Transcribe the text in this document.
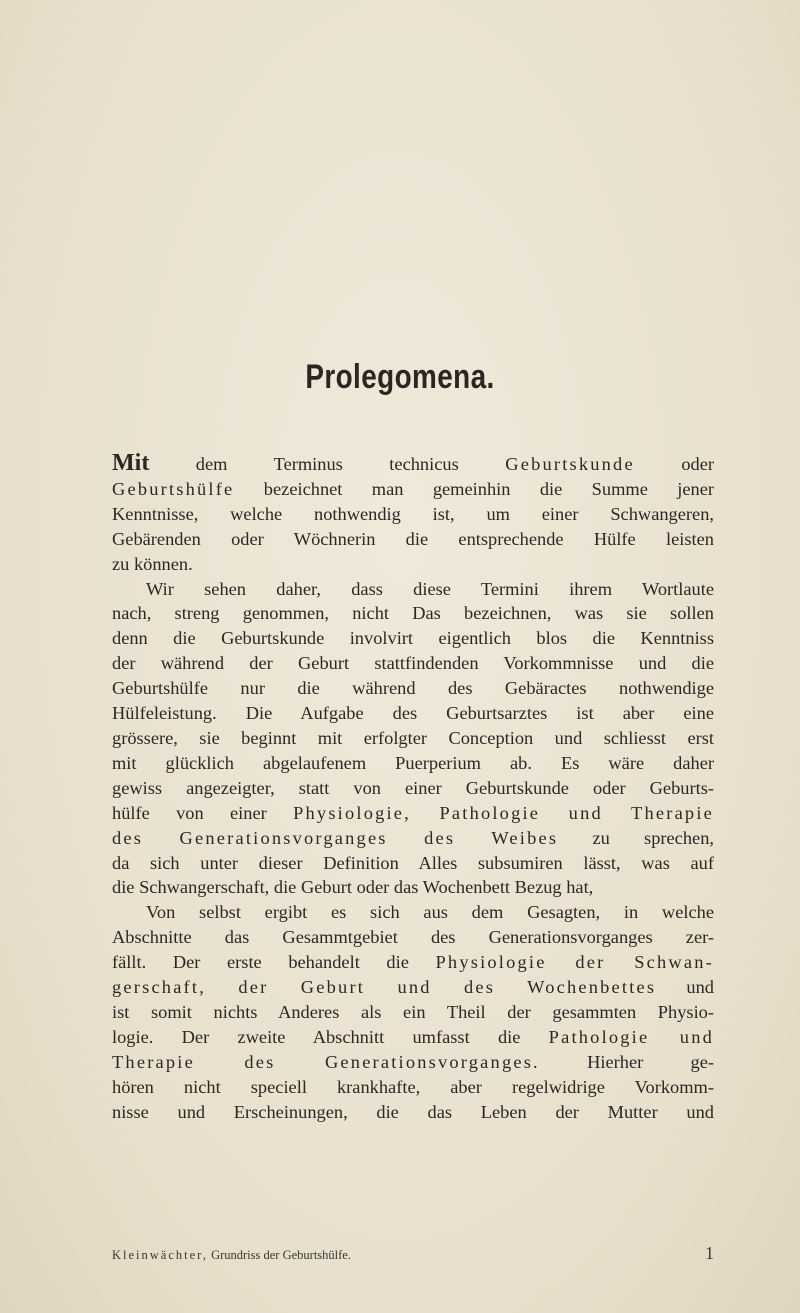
Prolegomena.
Mit dem Terminus technicus Geburtskunde oder
Geburtshülfe bezeichnet man gemeinhin die Summe jener
Kenntnisse, welche nothwendig ist, um einer Schwangeren,
Gebärenden oder Wöchnerin die entsprechende Hülfe leisten
zu können.
Wir sehen daher, dass diese Termini ihrem Wortlaute
nach, streng genommen, nicht Das bezeichnen, was sie sollen
denn die Geburtskunde involvirt eigentlich blos die Kenntniss
der während der Geburt stattfindenden Vorkommnisse und die
Geburtshülfe nur die während des Gebäractes nothwendige
Hülfeleistung. Die Aufgabe des Geburtsarztes ist aber eine
grössere, sie beginnt mit erfolgter Conception und schliesst erst
mit glücklich abgelaufenem Puerperium ab. Es wäre daher
gewiss angezeigter, statt von einer Geburtskunde oder Geburts-
hülfe von einer Physiologie, Pathologie und Therapie
des Generationsvorganges des Weibes zu sprechen,
da sich unter dieser Definition Alles subsumiren lässt, was auf
die Schwangerschaft, die Geburt oder das Wochenbett Bezug hat,
Von selbst ergibt es sich aus dem Gesagten, in welche
Abschnitte das Gesammtgebiet des Generationsvorganges zer-
fällt. Der erste behandelt die Physiologie der Schwan-
gerschaft, der Geburt und des Wochenbettes und
ist somit nichts Anderes als ein Theil der gesammten Physio-
logie. Der zweite Abschnitt umfasst die Pathologie und
Therapie des Generationsvorganges. Hierher ge-
hören nicht speciell krankhafte, aber regelwidrige Vorkomm-
nisse und Erscheinungen, die das Leben der Mutter und
Kleinwächter, Grundriss der Geburtshülfe.	1
